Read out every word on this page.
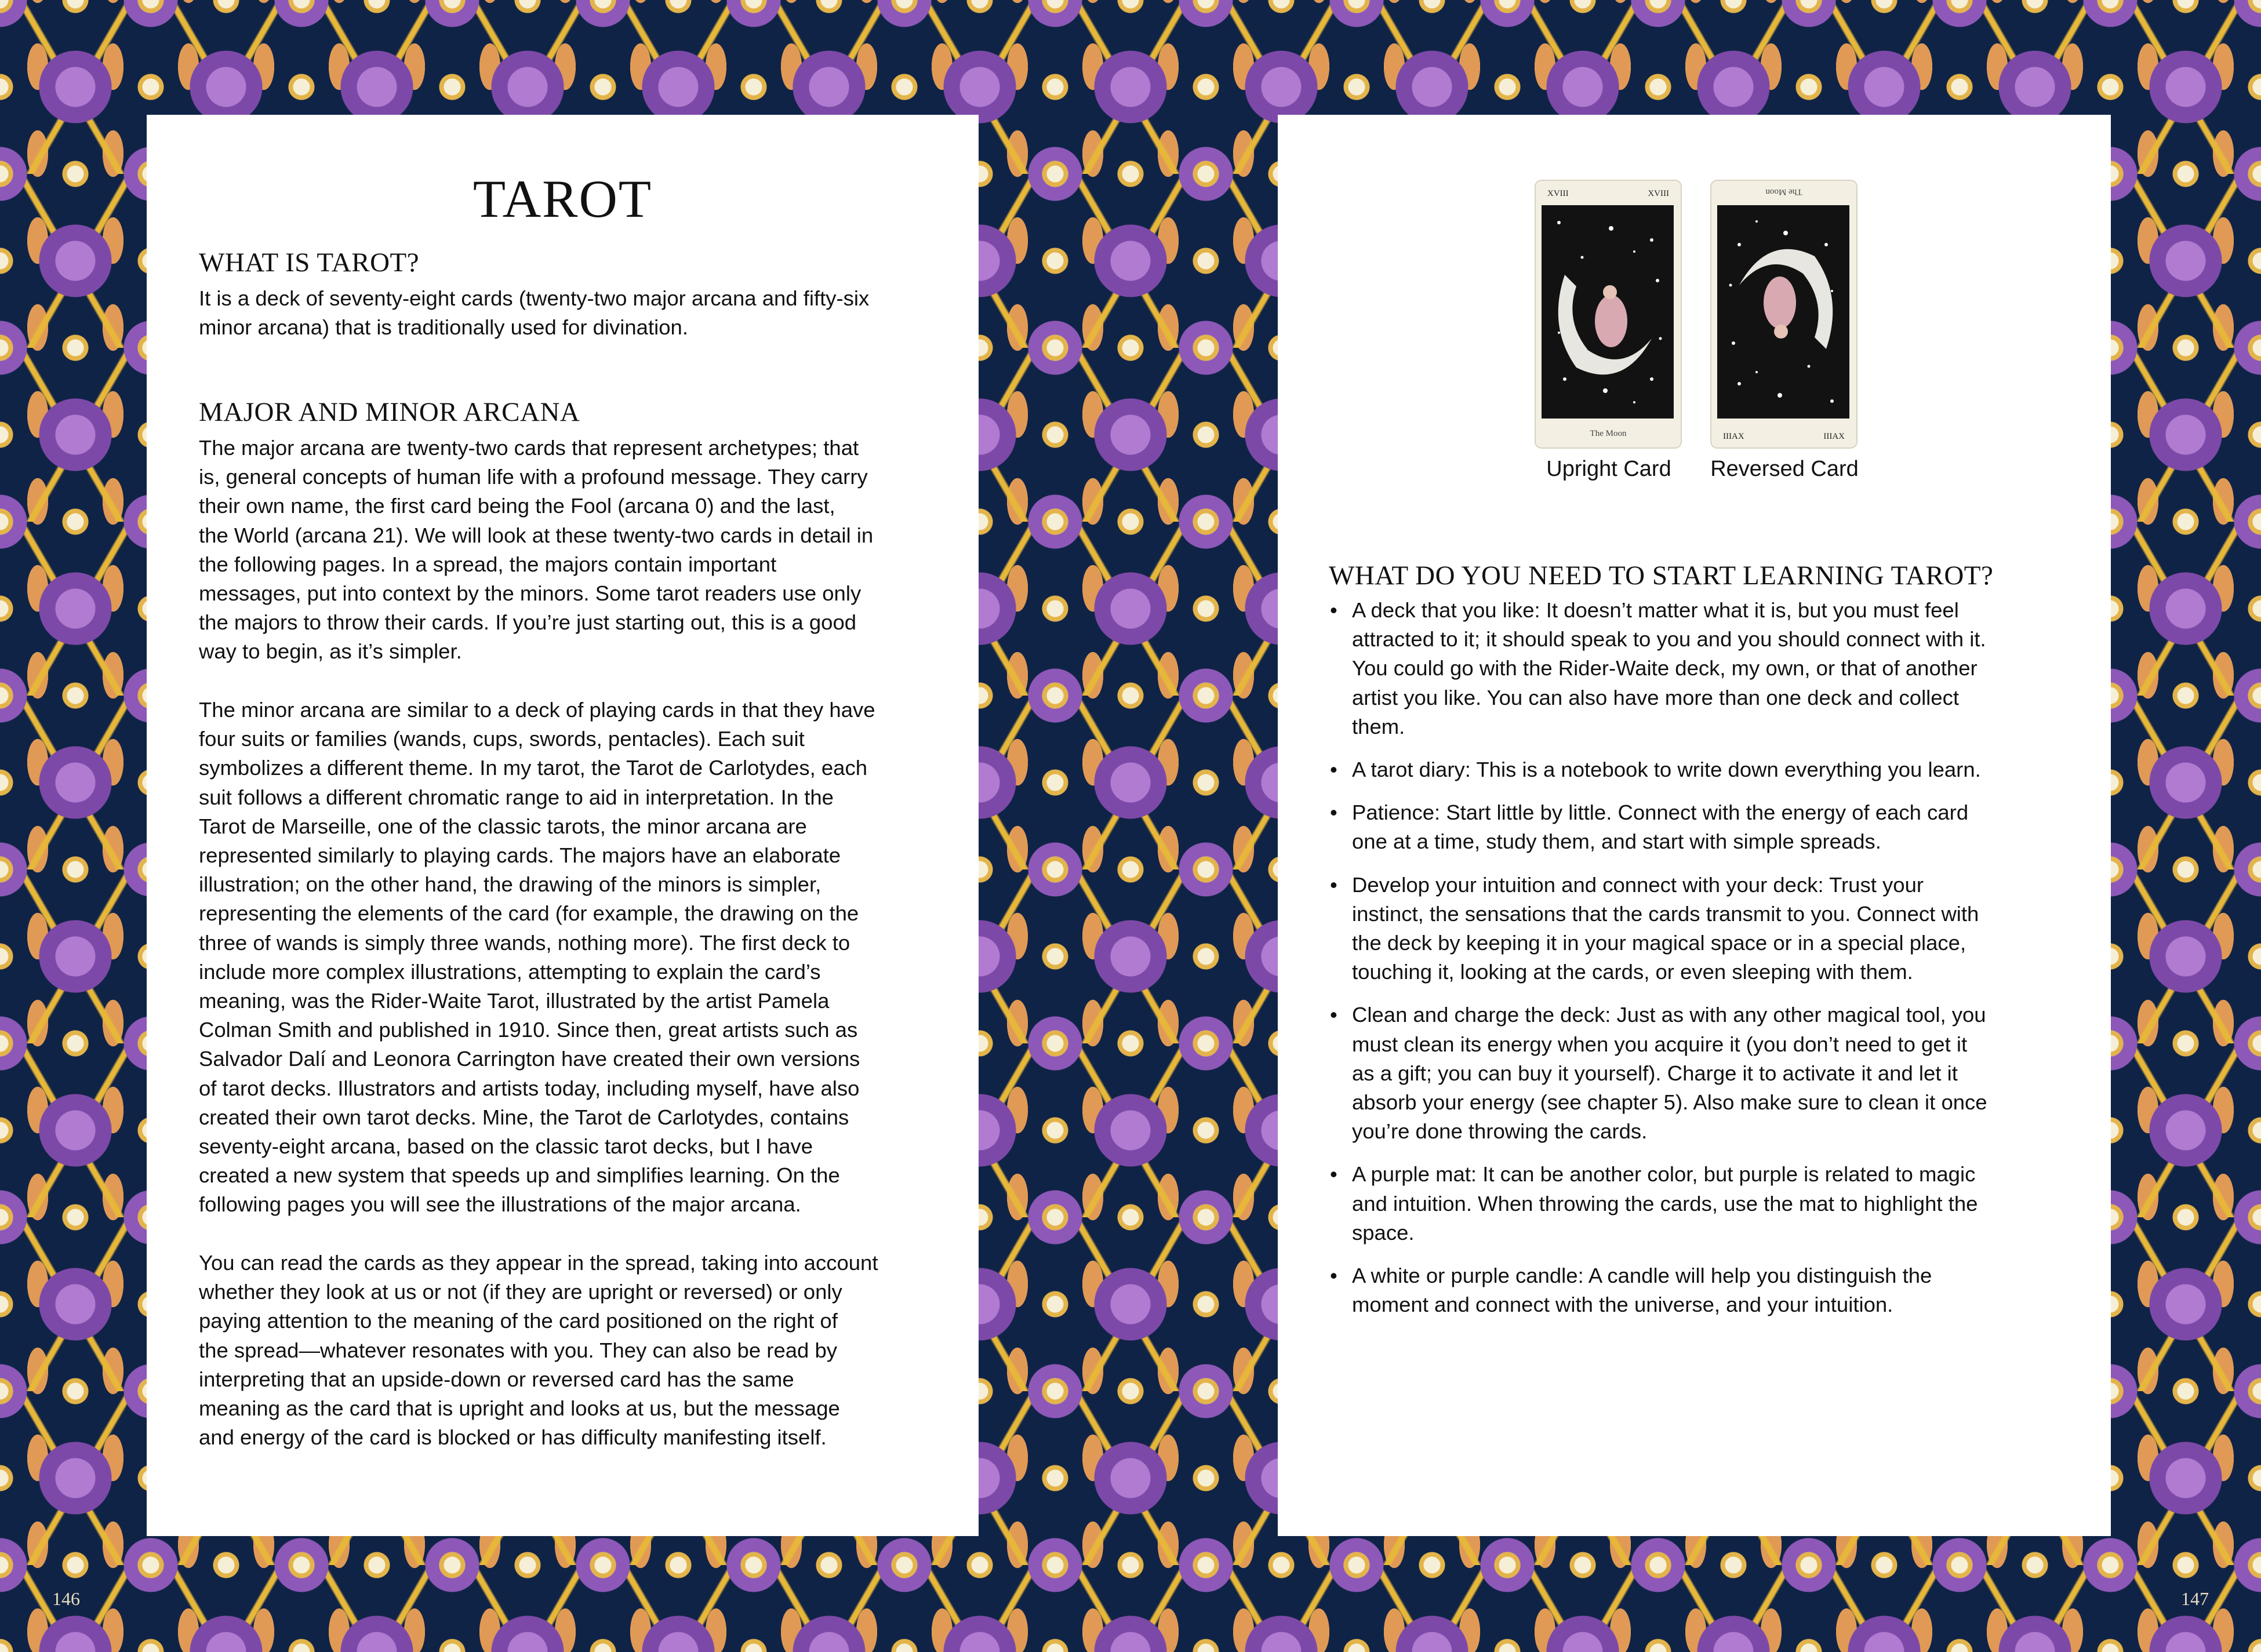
146	147
TAROT
WHAT IS TAROT?

It is a deck of seventy-eight cards (twenty-two major arcana and fifty-six
minor arcana) that is traditionally used for divination.

MAJOR AND MINOR ARCANA

The major arcana are twenty-two cards that represent archetypes; that
is, general concepts of human life with a profound message. They carry
their own name, the first card being the Fool (arcana 0) and the last,
the World (arcana 21). We will look at these twenty-two cards in detail in
the following pages. In a spread, the majors contain important
messages, put into context by the minors. Some tarot readers use only
the majors to throw their cards. If you’re just starting out, this is a good
way to begin, as it’s simpler.

The minor arcana are similar to a deck of playing cards in that they have
four suits or families (wands, cups, swords, pentacles). Each suit
symbolizes a different theme. In my tarot, the Tarot de Carlotydes, each
suit follows a different chromatic range to aid in interpretation. In the
Tarot de Marseille, one of the classic tarots, the minor arcana are
represented similarly to playing cards. The majors have an elaborate
illustration; on the other hand, the drawing of the minors is simpler,
representing the elements of the card (for example, the drawing on the
three of wands is simply three wands, nothing more). The first deck to
include more complex illustrations, attempting to explain the card’s
meaning, was the Rider-Waite Tarot, illustrated by the artist Pamela
Colman Smith and published in 1910. Since then, great artists such as
Salvador Dalí and Leonora Carrington have created their own versions
of tarot decks. Illustrators and artists today, including myself, have also
created their own tarot decks. Mine, the Tarot de Carlotydes, contains
seventy-eight arcana, based on the classic tarot decks, but I have
created a new system that speeds up and simplifies learning. On the
following pages you will see the illustrations of the major arcana.

You can read the cards as they appear in the spread, taking into account
whether they look at us or not (if they are upright or reversed) or only
paying attention to the meaning of the card positioned on the right of
the spread—whatever resonates with you. They can also be read by
interpreting that an upside-down or reversed card has the same
meaning as the card that is upright and looks at us, but the message
and energy of the card is blocked or has difficulty manifesting itself.

XVIII	XVIII
The Moon
Upright Card
The Moon
IIIAX	IIIAX
Reversed Card
WHAT DO YOU NEED TO START LEARNING TAROT?
• A deck that you like: It doesn’t matter what it is, but you must feel
attracted to it; it should speak to you and you should connect with it.
You could go with the Rider-Waite deck, my own, or that of another
artist you like. You can also have more than one deck and collect
them.
• A tarot diary: This is a notebook to write down everything you learn.
• Patience: Start little by little. Connect with the energy of each card
one at a time, study them, and start with simple spreads.
• Develop your intuition and connect with your deck: Trust your
instinct, the sensations that the cards transmit to you. Connect with
the deck by keeping it in your magical space or in a special place,
touching it, looking at the cards, or even sleeping with them.
• Clean and charge the deck: Just as with any other magical tool, you
must clean its energy when you acquire it (you don’t need to get it
as a gift; you can buy it yourself). Charge it to activate it and let it
absorb your energy (see chapter 5). Also make sure to clean it once
you’re done throwing the cards.
• A purple mat: It can be another color, but purple is related to magic
and intuition. When throwing the cards, use the mat to highlight the
space.
• A white or purple candle: A candle will help you distinguish the
moment and connect with the universe, and your intuition.
